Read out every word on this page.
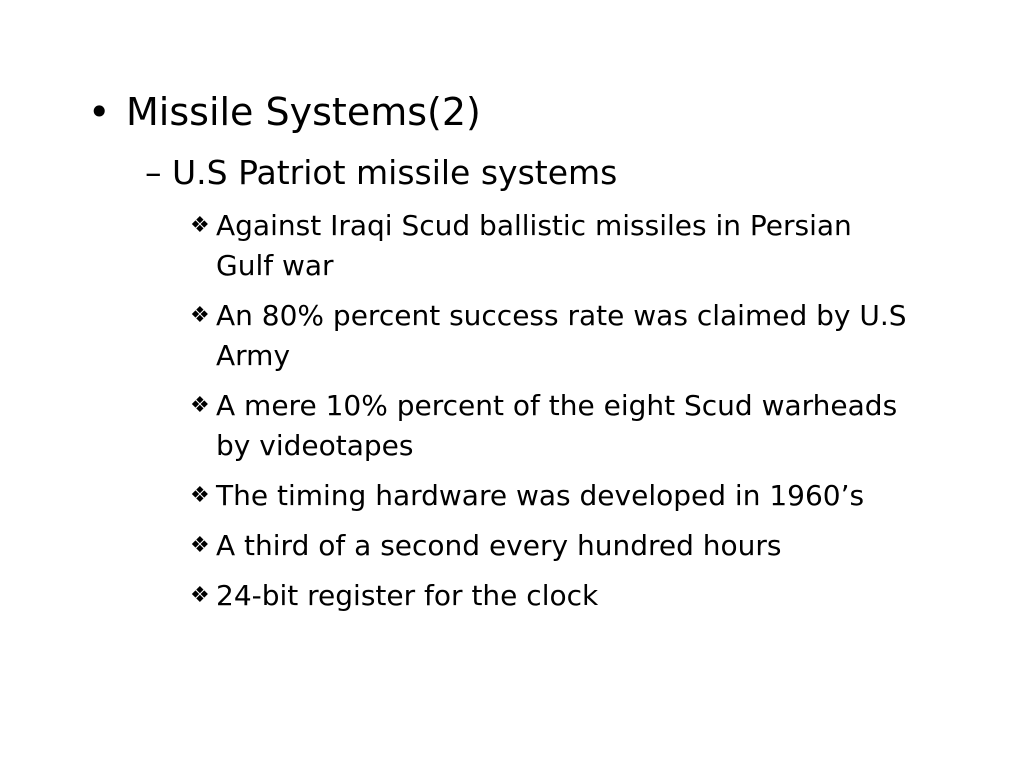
• Missile Systems(2)
– U.S Patriot missile systems
❖ Against Iraqi Scud ballistic missiles in Persian Gulf war
❖ An 80% percent success rate was claimed by U.S Army
❖ A mere 10% percent of the eight Scud warheads by videotapes
❖ The timing hardware was developed in 1960’s
❖ A third of a second every hundred hours
❖ 24-bit register for the clock
